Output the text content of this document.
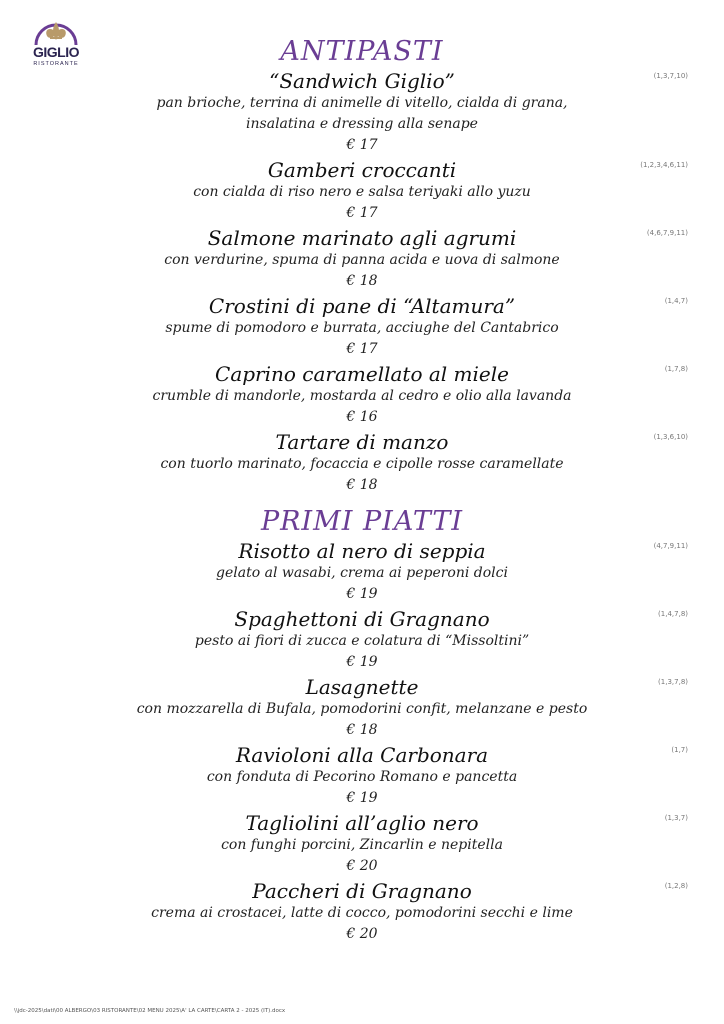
GIGLIO
RISTORANTE	ANTIPASTI
“Sandwich Giglio”
pan brioche, terrina di animelle di vitello, cialda di grana,
insalatina e dressing alla senape
€ 17
(1,3,7,10)
Gamberi croccanti
con cialda di riso nero e salsa teriyaki allo yuzu
€ 17
(1,2,3,4,6,11)
Salmone marinato agli agrumi
con verdurine, spuma di panna acida e uova di salmone
€ 18
(4,6,7,9,11)
Crostini di pane di “Altamura”
spume di pomodoro e burrata, acciughe del Cantabrico
€ 17
(1,4,7)
Caprino caramellato al miele
crumble di mandorle, mostarda al cedro e olio alla lavanda
€ 16
(1,7,8)
Tartare di manzo
con tuorlo marinato, focaccia e cipolle rosse caramellate
€ 18
(1,3,6,10)
PRIMI PIATTI
Risotto al nero di seppia
gelato al wasabi, crema ai peperoni dolci
€ 19
(4,7,9,11)
Spaghettoni di Gragnano
pesto ai fiori di zucca e colatura di “Missoltini”
€ 19
(1,4,7,8)
Lasagnette
con mozzarella di Bufala, pomodorini confit, melanzane e pesto
€ 18
(1,3,7,8)
Ravioloni alla Carbonara
con fonduta di Pecorino Romano e pancetta
€ 19
(1,7)
Tagliolini all’aglio nero
con funghi porcini, Zincarlin e nepitella
€ 20
(1,3,7)
Paccheri di Gragnano
crema ai crostacei, latte di cocco, pomodorini secchi e lime
€ 20
(1,2,8)
\\jdc-2025\dati\00 ALBERGO\03 RISTORANTE\02 MENU 2025\A' LA CARTE\CARTA 2 - 2025 (IT).docx
